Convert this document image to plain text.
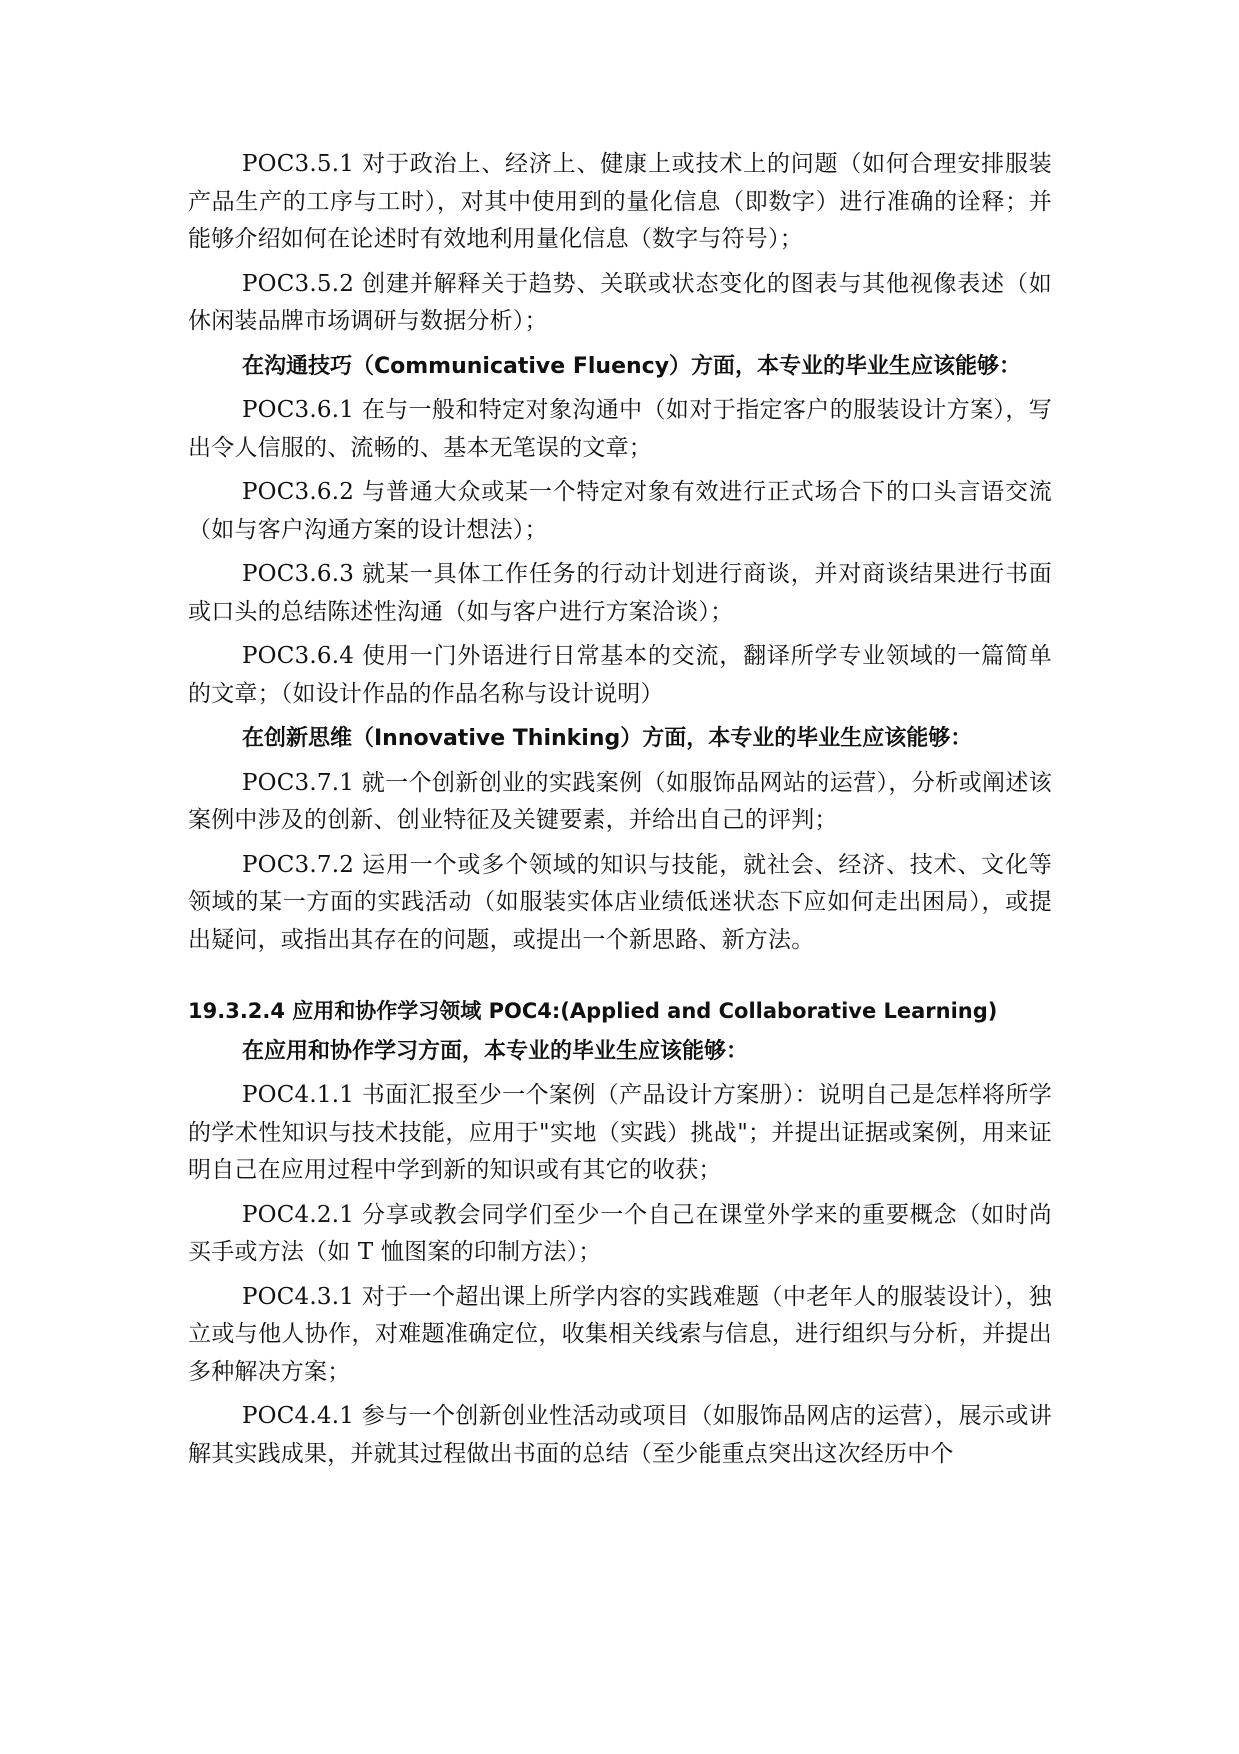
POC3.5.1 对于政治上、经济上、健康上或技术上的问题（如何合理安排服装产品生产的工序与工时），对其中使用到的量化信息（即数字）进行准确的诠释；并能够介绍如何在论述时有效地利用量化信息（数字与符号）；

POC3.5.2 创建并解释关于趋势、关联或状态变化的图表与其他视像表述（如休闲装品牌市场调研与数据分析）；

在沟通技巧（Communicative Fluency）方面，本专业的毕业生应该能够：

POC3.6.1 在与一般和特定对象沟通中（如对于指定客户的服装设计方案），写出令人信服的、流畅的、基本无笔误的文章；

POC3.6.2 与普通大众或某一个特定对象有效进行正式场合下的口头言语交流（如与客户沟通方案的设计想法）；

POC3.6.3 就某一具体工作任务的行动计划进行商谈，并对商谈结果进行书面或口头的总结陈述性沟通（如与客户进行方案洽谈）；

POC3.6.4 使用一门外语进行日常基本的交流，翻译所学专业领域的一篇简单的文章；（如设计作品的作品名称与设计说明）

在创新思维（Innovative Thinking）方面，本专业的毕业生应该能够：

POC3.7.1 就一个创新创业的实践案例（如服饰品网站的运营），分析或阐述该案例中涉及的创新、创业特征及关键要素，并给出自己的评判；

POC3.7.2 运用一个或多个领域的知识与技能，就社会、经济、技术、文化等领域的某一方面的实践活动（如服装实体店业绩低迷状态下应如何走出困局），或提出疑问，或指出其存在的问题，或提出一个新思路、新方法。

19.3.2.4 应用和协作学习领域 POC4:(Applied and Collaborative Learning)

在应用和协作学习方面，本专业的毕业生应该能够：

POC4.1.1 书面汇报至少一个案例（产品设计方案册）：说明自己是怎样将所学的学术性知识与技术技能，应用于"实地（实践）挑战"；并提出证据或案例，用来证明自己在应用过程中学到新的知识或有其它的收获；

POC4.2.1 分享或教会同学们至少一个自己在课堂外学来的重要概念（如时尚买手或方法（如 T 恤图案的印制方法）；

POC4.3.1 对于一个超出课上所学内容的实践难题（中老年人的服装设计），独立或与他人协作，对难题准确定位，收集相关线索与信息，进行组织与分析，并提出多种解决方案；

POC4.4.1 参与一个创新创业性活动或项目（如服饰品网店的运营），展示或讲解其实践成果，并就其过程做出书面的总结（至少能重点突出这次经历中个
